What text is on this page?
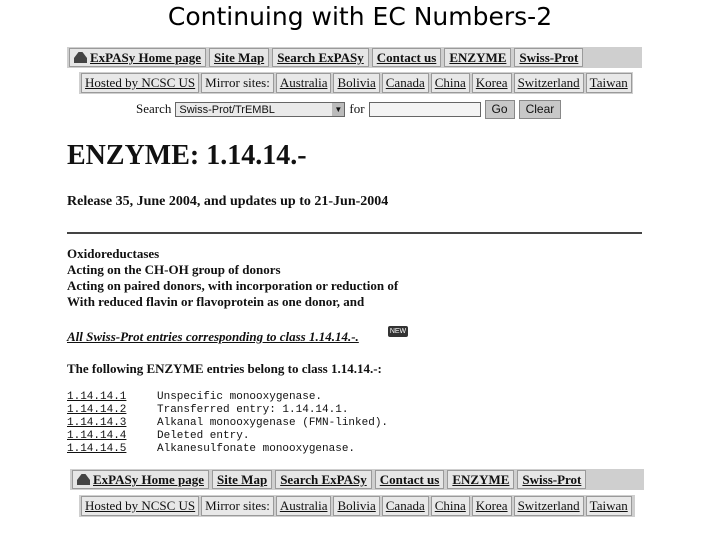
Continuing with EC Numbers-2
ExPASy Home page	Site Map	Search ExPASy	Contact us	ENZYME	Swiss-Prot
Hosted by NCSC US Mirror sites: Australia Bolivia Canada China Korea Switzerland Taiwan
Search Swiss-Prot/TrEMBL	▼ for	Go	Clear
ENZYME: 1.14.14.-
Release 35, June 2004, and updates up to 21-Jun-2004
Oxidoreductases
Acting on the CH-OH group of donors
Acting on paired donors, with incorporation or reduction of
With reduced flavin or flavoprotein as one donor, and
All Swiss-Prot entries corresponding to class 1.14.14.-.	NEW
The following ENZYME entries belong to class 1.14.14.-:
1.14.14.1	Unspecific monooxygenase.
1.14.14.2	Transferred entry: 1.14.14.1.
1.14.14.3	Alkanal monooxygenase (FMN-linked).
1.14.14.4	Deleted entry.
1.14.14.5	Alkanesulfonate monooxygenase.
ExPASy Home page	Site Map	Search ExPASy	Contact us	ENZYME	Swiss-Prot
Hosted by NCSC US Mirror sites: Australia Bolivia Canada China Korea Switzerland Taiwan
